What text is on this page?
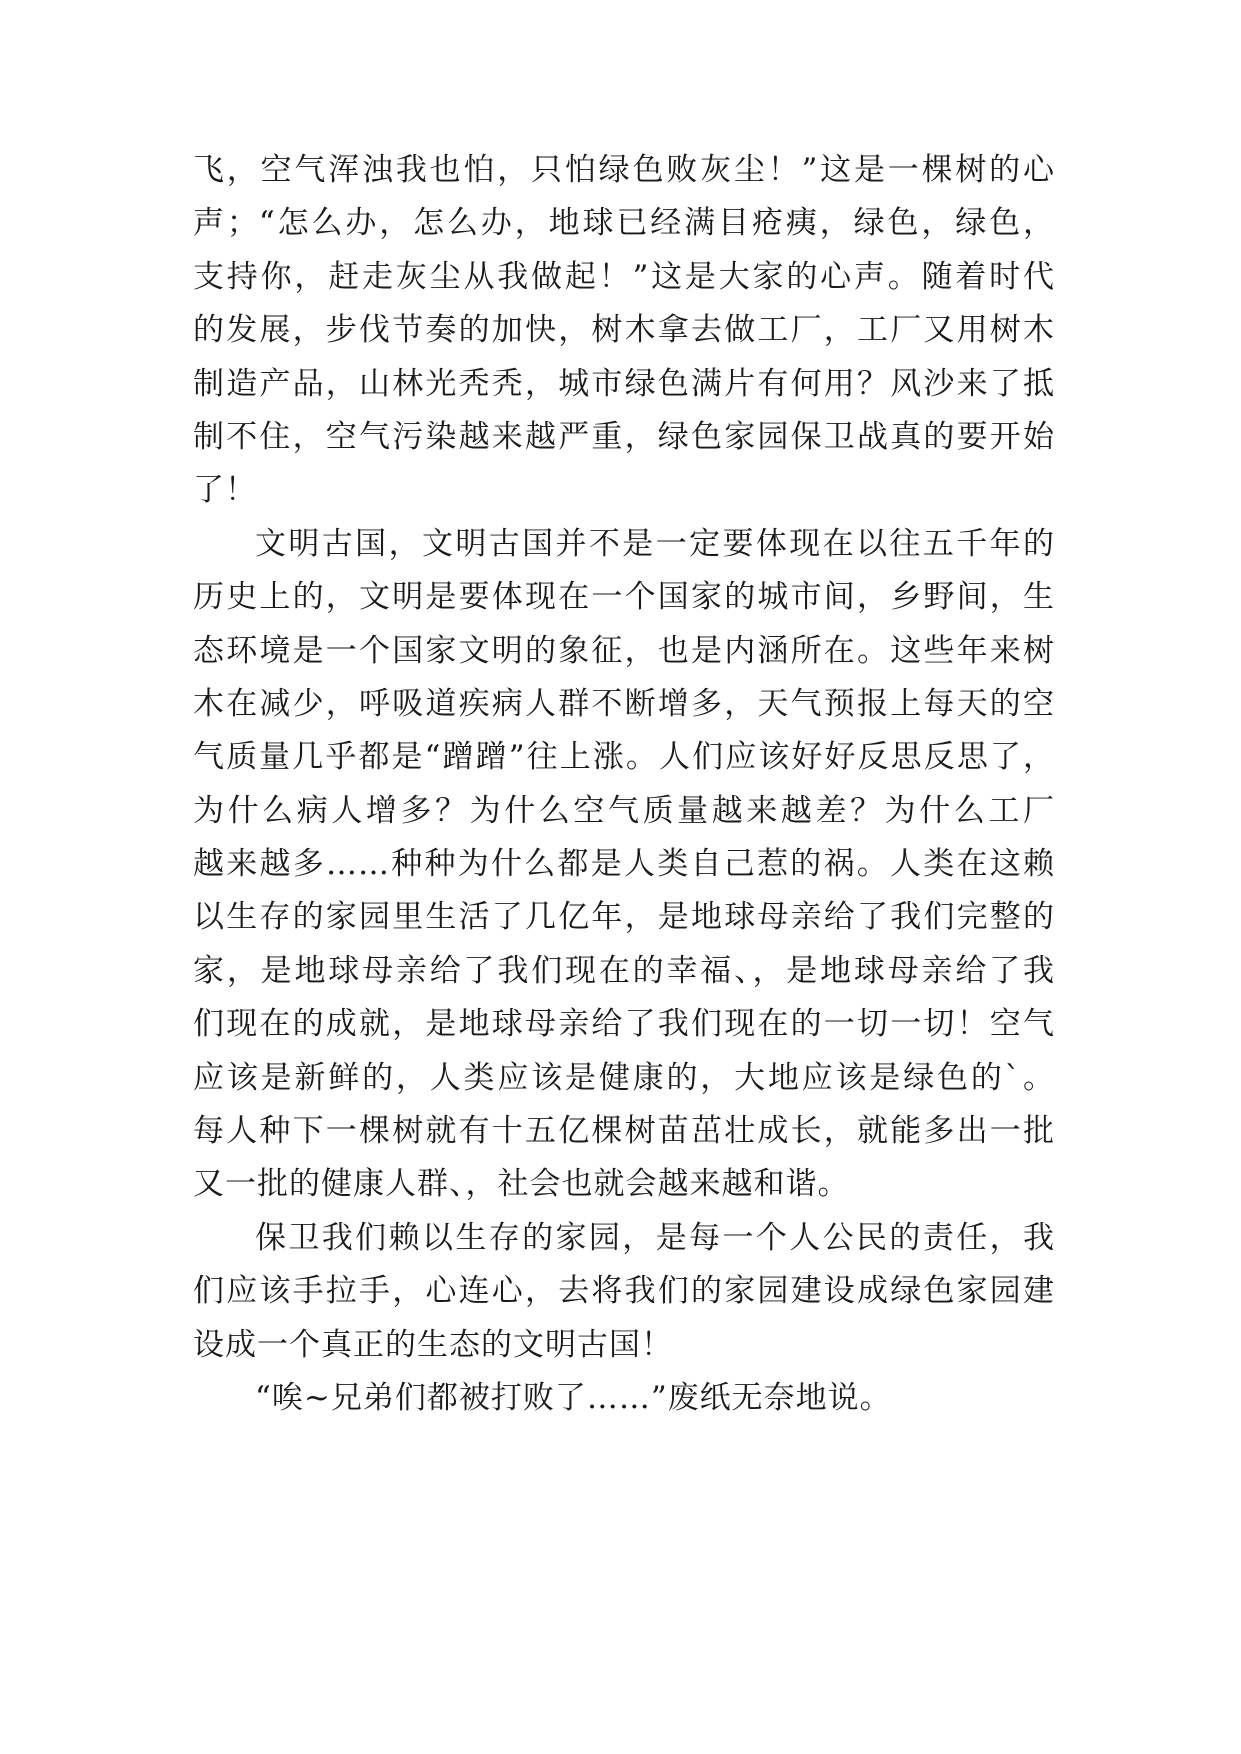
飞，空气浑浊我也怕，只怕绿色败灰尘！”这是一棵树的心
声；“怎么办，怎么办，地球已经满目疮痍，绿色，绿色，
支持你，赶走灰尘从我做起！”这是大家的心声。随着时代
的发展，步伐节奏的加快，树木拿去做工厂，工厂又用树木
制造产品，山林光秃秃，城市绿色满片有何用？风沙来了抵
制不住，空气污染越来越严重，绿色家园保卫战真的要开始
了！
文明古国，文明古国并不是一定要体现在以往五千年的
历史上的，文明是要体现在一个国家的城市间，乡野间，生
态环境是一个国家文明的象征，也是内涵所在。这些年来树
木在减少，呼吸道疾病人群不断增多，天气预报上每天的空
气质量几乎都是“蹭蹭”往上涨。人们应该好好反思反思了，
为什么病人增多？为什么空气质量越来越差？为什么工厂
越来越多……种种为什么都是人类自己惹的祸。人类在这赖
以生存的家园里生活了几亿年，是地球母亲给了我们完整的
家，是地球母亲给了我们现在的幸福、，是地球母亲给了我
们现在的成就，是地球母亲给了我们现在的一切一切！空气
应该是新鲜的，人类应该是健康的，大地应该是绿色的`。
每人种下一棵树就有十五亿棵树苗茁壮成长，就能多出一批
又一批的健康人群、，社会也就会越来越和谐。
保卫我们赖以生存的家园，是每一个人公民的责任，我
们应该手拉手，心连心，去将我们的家园建设成绿色家园建
设成一个真正的生态的文明古国！
“唉~兄弟们都被打败了……”废纸无奈地说。
